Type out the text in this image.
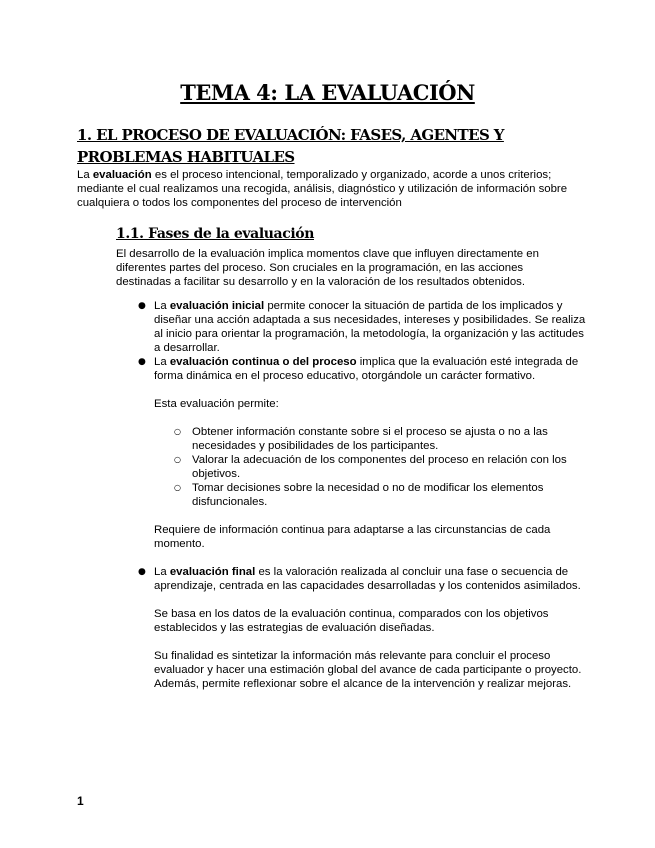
TEMA 4: LA EVALUACIÓN
1. EL PROCESO DE EVALUACIÓN: FASES, AGENTES Y PROBLEMAS HABITUALES

La evaluación es el proceso intencional, temporalizado y organizado, acorde a unos criterios; mediante el cual realizamos una recogida, análisis, diagnóstico y utilización de información sobre cualquiera o todos los componentes del proceso de intervención

1.1. Fases de la evaluación

El desarrollo de la evaluación implica momentos clave que influyen directamente en diferentes partes del proceso. Son cruciales en la programación, en las acciones destinadas a facilitar su desarrollo y en la valoración de los resultados obtenidos.

● La evaluación inicial permite conocer la situación de partida de los implicados y diseñar una acción adaptada a sus necesidades, intereses y posibilidades. Se realiza al inicio para orientar la programación, la metodología, la organización y las actitudes a desarrollar.

● La evaluación continua o del proceso implica que la evaluación esté integrada de forma dinámica en el proceso educativo, otorgándole un carácter formativo.

Esta evaluación permite:

○ Obtener información constante sobre si el proceso se ajusta o no a las necesidades y posibilidades de los participantes.

○ Valorar la adecuación de los componentes del proceso en relación con los objetivos.

○ Tomar decisiones sobre la necesidad o no de modificar los elementos disfuncionales.

Requiere de información continua para adaptarse a las circunstancias de cada momento.

● La evaluación final es la valoración realizada al concluir una fase o secuencia de aprendizaje, centrada en las capacidades desarrolladas y los contenidos asimilados.

Se basa en los datos de la evaluación continua, comparados con los objetivos establecidos y las estrategias de evaluación diseñadas.

Su finalidad es sintetizar la información más relevante para concluir el proceso evaluador y hacer una estimación global del avance de cada participante o proyecto. Además, permite reflexionar sobre el alcance de la intervención y realizar mejoras.

1
